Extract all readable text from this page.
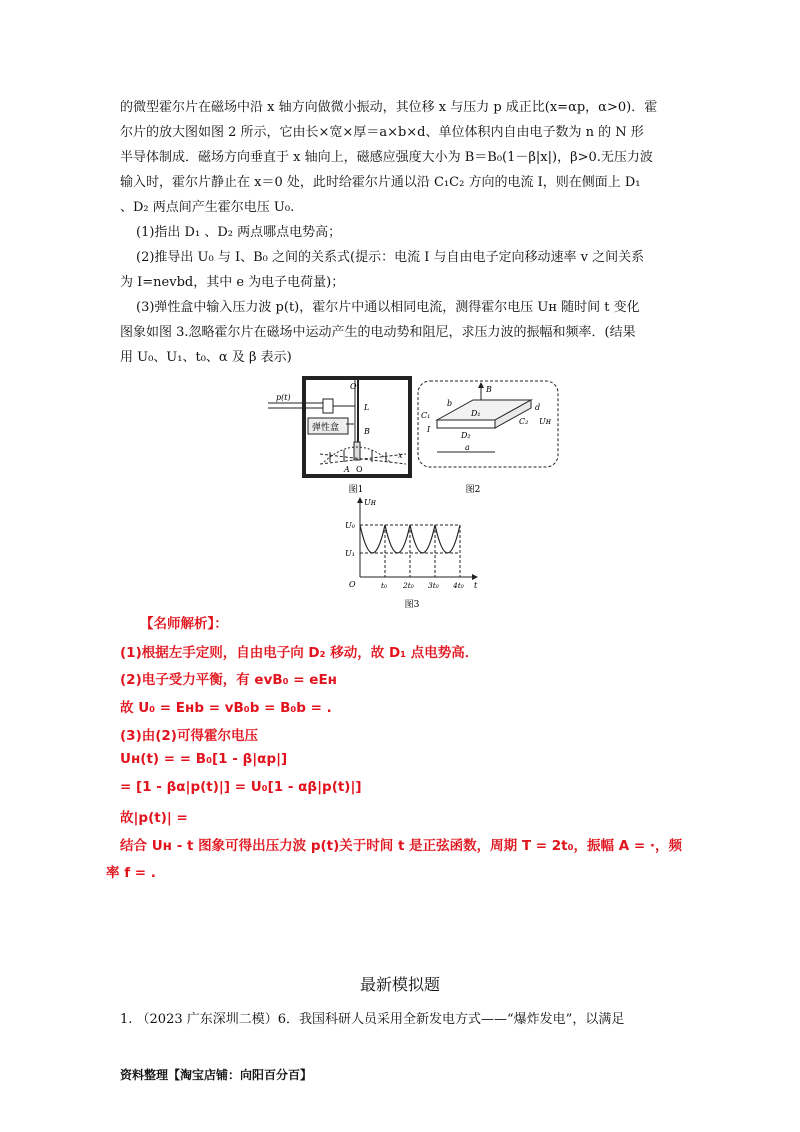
的微型霍尔片在磁场中沿 x 轴方向做微小振动，其位移 x 与压力 p 成正比(x=αp，α>0)．霍
尔片的放大图如图 2 所示，它由长×宽×厚＝a×b×d、单位体积内自由电子数为 n 的 N 形
半导体制成．磁场方向垂直于 x 轴向上，磁感应强度大小为 B＝B₀(1－β|x|)，β>0.无压力波
输入时，霍尔片静止在 x＝0 处，此时给霍尔片通以沿 C₁C₂ 方向的电流 I，则在侧面上 D₁
、D₂ 两点间产生霍尔电压 U₀.
(1)指出 D₁ 、D₂ 两点哪点电势高；
(2)推导出 U₀ 与 I、B₀ 之间的关系式(提示：电流 I 与自由电子定向移动速率 v 之间关系
为 I=nevbd，其中 e 为电子电荷量)；
(3)弹性盒中输入压力波 p(t)，霍尔片中通以相同电流，测得霍尔电压 Uʜ 随时间 t 变化
图象如图 3.忽略霍尔片在磁场中运动产生的电动势和阻尼，求压力波的振幅和频率．(结果
用 U₀、U₁、t₀、α 及 β 表示)
p(t)
弹性盒
O
L
B
x
A O
图1
B
C₁
I
b
D₁
d
D₂
C₂ Uʜ
a
图2
Uʜ
t
O
U₀
U₁
t₀ 2t₀ 3t₀ 4t₀
图3
【名师解析】：
(1)根据左手定则，自由电子向 D₂ 移动，故 D₁ 点电势高．
(2)电子受力平衡，有 evB₀ = eEʜ
故 U₀ = Eʜb = vB₀b = B₀b = .
(3)由(2)可得霍尔电压
Uʜ(t) = = B₀[1 - β|αp|]
= [1 - βα|p(t)|] = U₀[1 - αβ|p(t)|]
故|p(t)| =
结合 Uʜ - t 图象可得出压力波 p(t)关于时间 t 是正弦函数，周期 T = 2t₀，振幅 A = ·，频
率 f = .
最新模拟题
1. （2023 广东深圳二模）6．我国科研人员采用全新发电方式——“爆炸发电”，以满足
资料整理【淘宝店铺：向阳百分百】
